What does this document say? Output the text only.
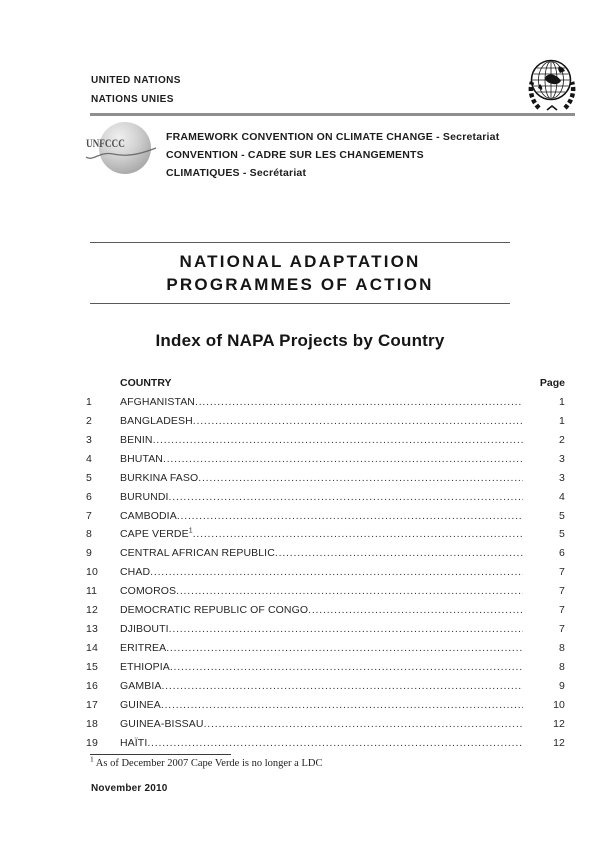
UNITED NATIONS
NATIONS UNIES
UNFCCC
FRAMEWORK CONVENTION ON CLIMATE CHANGE - Secretariat
CONVENTION - CADRE SUR LES CHANGEMENTS
CLIMATIQUES - Secrétariat
NATIONAL ADAPTATION
PROGRAMMES OF ACTION
Index of NAPA Projects by Country
COUNTRY	Page
1	AFGHANISTAN .....	1
2	BANGLADESH .....	1
3	BENIN .....	2
4	BHUTAN .....	3
5	BURKINA FASO .....	3
6	BURUNDI .....	4
7	CAMBODIA .....	5
8	CAPE VERDE$^1$ .....	5
9	CENTRAL AFRICAN REPUBLIC .....	6
10	CHAD .....	7
11	COMOROS .....	7
12	DEMOCRATIC REPUBLIC OF CONGO .....	7
13	DJIBOUTI .....	7
14	ERITREA .....	8
15	ETHIOPIA .....	8
16	GAMBIA .....	9
17	GUINEA .....	10
18	GUINEA-BISSAU .....	12
19	HAÏTI .....	12
$^1$ As of December 2007 Cape Verde is no longer a LDC
November 2010
